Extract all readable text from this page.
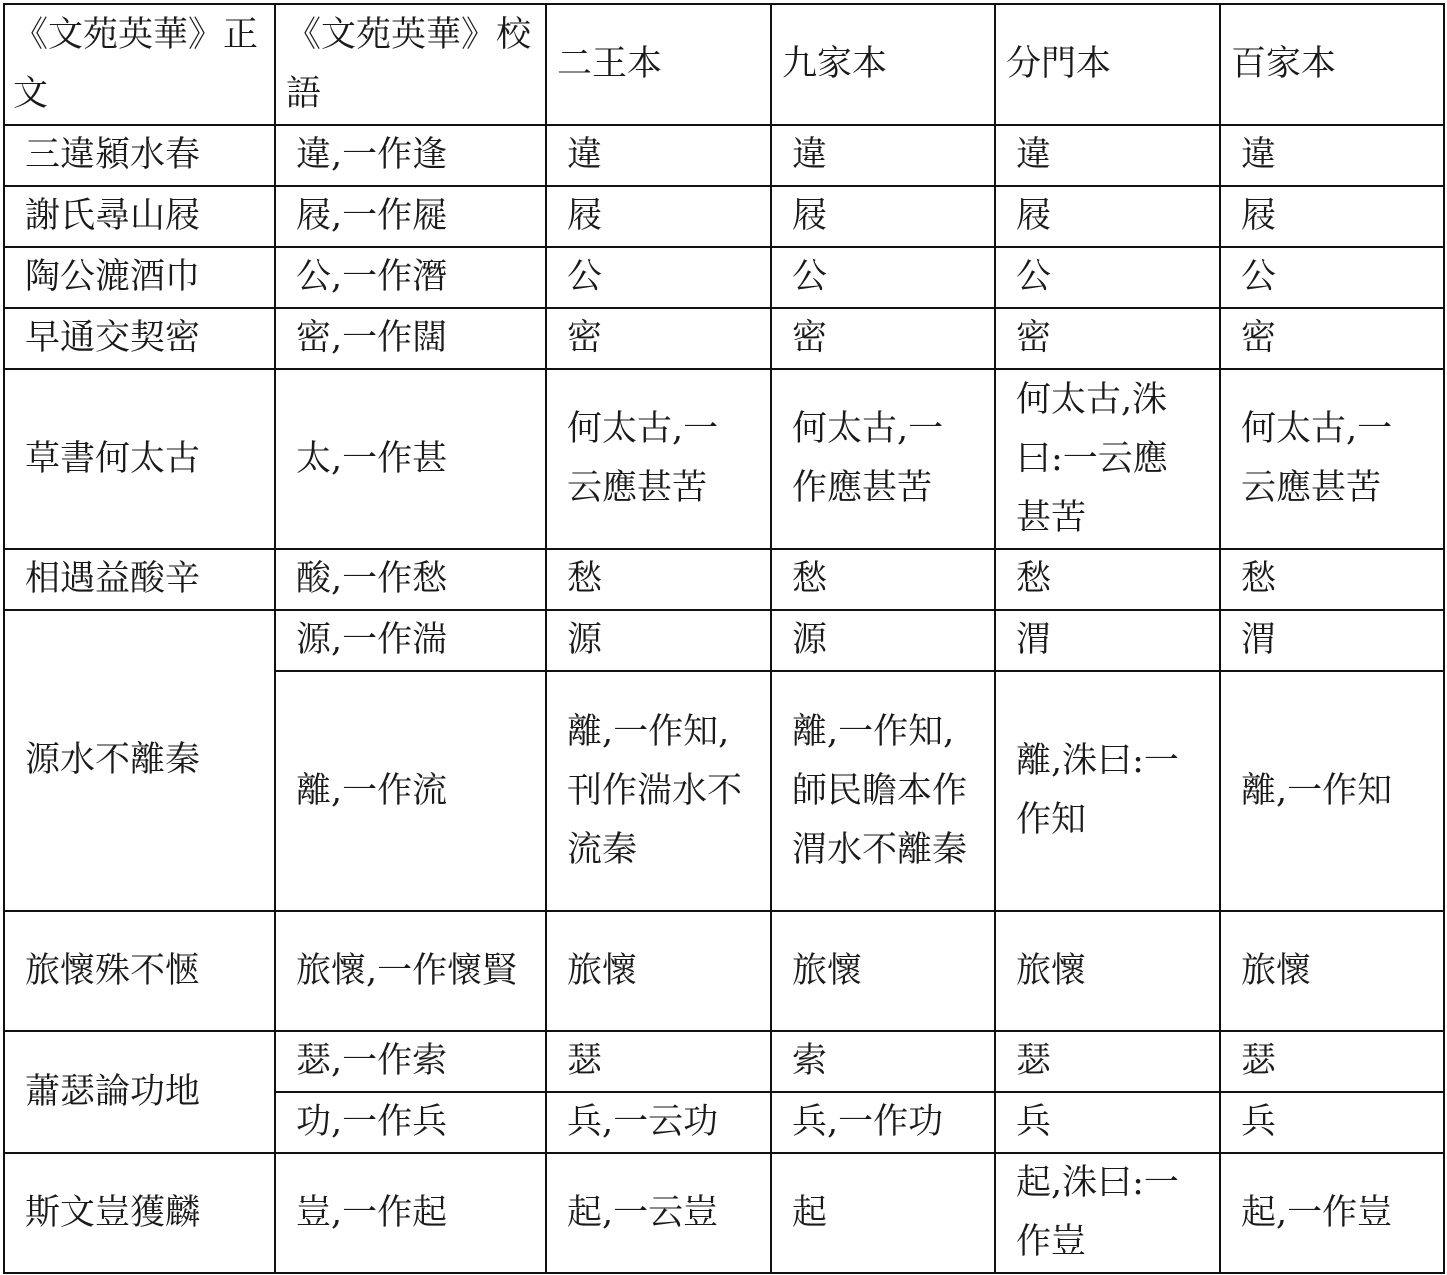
《文苑英華》正文	《文苑英華》校語	二王本	九家本	分門本	百家本
三違潁水春	違,一作逢	違	違	違	違
謝氏尋山屐	屐,一作屣	屐	屐	屐	屐
陶公漉酒巾	公,一作潛	公	公	公	公
早通交契密	密,一作闊	密	密	密	密
草書何太古	太,一作甚	何太古,一云應甚苦	何太古,一作應甚苦	何太古,洙曰:一云應甚苦	何太古,一云應甚苦
相遇益酸辛	酸,一作愁	愁	愁	愁	愁
源水不離秦	源,一作湍	源	源	渭	渭
	離,一作流	離,一作知,刊作湍水不流秦	離,一作知,師民瞻本作渭水不離秦	離,洙曰:一作知	離,一作知
旅懷殊不愜	旅懷,一作懷賢	旅懷	旅懷	旅懷	旅懷
蕭瑟論功地	瑟,一作索	瑟	索	瑟	瑟
	功,一作兵	兵,一云功	兵,一作功	兵	兵
斯文豈獲麟	豈,一作起	起,一云豈	起	起,洙曰:一作豈	起,一作豈
